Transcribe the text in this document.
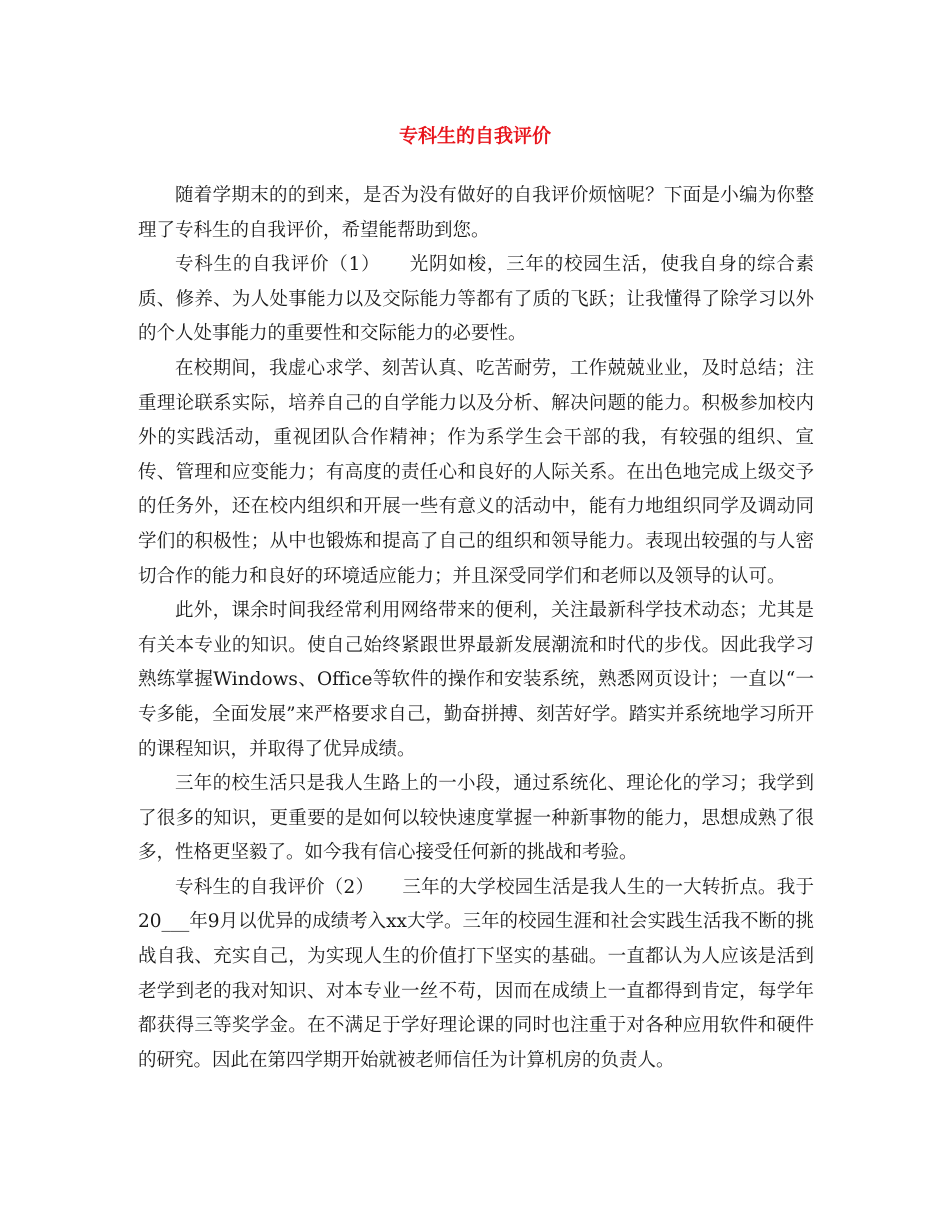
专科生的自我评价

随着学期末的的到来，是否为没有做好的自我评价烦恼呢？下面是小编为你整理了专科生的自我评价，希望能帮助到您。

专科生的自我评价（1）　　光阴如梭，三年的校园生活，使我自身的综合素质、修养、为人处事能力以及交际能力等都有了质的飞跃；让我懂得了除学习以外的个人处事能力的重要性和交际能力的必要性。

在校期间，我虚心求学、刻苦认真、吃苦耐劳，工作兢兢业业，及时总结；注重理论联系实际，培养自己的自学能力以及分析、解决问题的能力。积极参加校内外的实践活动，重视团队合作精神；作为系学生会干部的我，有较强的组织、宣传、管理和应变能力；有高度的责任心和良好的人际关系。在出色地完成上级交予的任务外，还在校内组织和开展一些有意义的活动中，能有力地组织同学及调动同学们的积极性；从中也锻炼和提高了自己的组织和领导能力。表现出较强的与人密切合作的能力和良好的环境适应能力；并且深受同学们和老师以及领导的认可。

此外，课余时间我经常利用网络带来的便利，关注最新科学技术动态；尤其是有关本专业的知识。使自己始终紧跟世界最新发展潮流和时代的步伐。因此我学习熟练掌握Windows、Office等软件的操作和安装系统，熟悉网页设计；一直以“一专多能，全面发展”来严格要求自己，勤奋拼搏、刻苦好学。踏实并系统地学习所开的课程知识，并取得了优异成绩。

三年的校生活只是我人生路上的一小段，通过系统化、理论化的学习；我学到了很多的知识，更重要的是如何以较快速度掌握一种新事物的能力，思想成熟了很多，性格更坚毅了。如今我有信心接受任何新的挑战和考验。

专科生的自我评价（2）　　三年的大学校园生活是我人生的一大转折点。我于20___年9月以优异的成绩考入xx大学。三年的校园生涯和社会实践生活我不断的挑战自我、充实自己，为实现人生的价值打下坚实的基础。一直都认为人应该是活到老学到老的我对知识、对本专业一丝不苟，因而在成绩上一直都得到肯定，每学年都获得三等奖学金。在不满足于学好理论课的同时也注重于对各种应用软件和硬件的研究。因此在第四学期开始就被老师信任为计算机房的负责人。
